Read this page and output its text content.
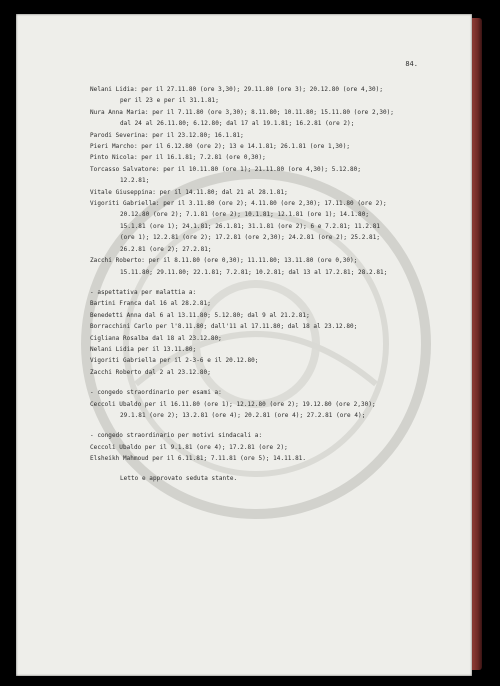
84.
Nelani Lidia: per il 27.11.80 (ore 3,30); 29.11.80 (ore 3); 20.12.80 (ore 4,30);
per il 23 e per il 31.1.81;
Nura Anna Maria: per il 7.11.80 (ore 3,30); 8.11.80; 10.11.80; 15.11.80 (ore 2,30);
dal 24 al 26.11.80; 6.12.80; dal 17 al 19.1.81; 16.2.81 (ore 2);
Parodi Severina: per il 23.12.80; 16.1.81;
Pieri Marcho: per il 6.12.80 (ore 2); 13 e 14.1.81; 26.1.81 (ore 1,30);
Pinto Nicola: per il 16.1.81; 7.2.81 (ore 0,30);
Torcasso Salvatore: per il 10.11.80 (ore 1); 21.11.80 (ore 4,30); 5.12.80;
12.2.81;
Vitale Giuseppina: per il 14.11.80; dal 21 al 28.1.81;
Vigoriti Gabriella: per il 3.11.80 (ore 2); 4.11.80 (ore 2,30); 17.11.80 (ore 2);
20.12.80 (ore 2); 7.1.81 (ore 2); 10.1.81; 12.1.81 (ore 1); 14.1.80;
15.1.81 (ore 1); 24.1.81; 26.1.81; 31.1.81 (ore 2); 6 e 7.2.81; 11.2.81
(ore 1); 12.2.81 (ore 2); 17.2.81 (ore 2,30); 24.2.81 (ore 2); 25.2.81;
26.2.81 (ore 2); 27.2.81;
Zacchi Roberto: per il 8.11.80 (ore 0,30); 11.11.80; 13.11.80 (ore 0,30);
15.11.80; 29.11.80; 22.1.81; 7.2.81; 10.2.81; dal 13 al 17.2.81; 28.2.81;
- aspettativa per malattia a:
Bartini Franca dal 16 al 28.2.81;
Benedetti Anna dal 6 al 13.11.80; 5.12.80; dal 9 al 21.2.81;
Borracchini Carlo per l'8.11.80; dall'11 al 17.11.80; dal 18 al 23.12.80;
Cigliana Rosalba dal 18 al 23.12.80;
Nelani Lidia per il 13.11.80;
Vigoriti Gabriella per il 2-3-6 e il 20.12.80;
Zacchi Roberto dal 2 al 23.12.80;
- congedo straordinario per esami a:
Ceccoli Ubaldo per il 16.11.80 (ore 1); 12.12.80 (ore 2); 19.12.80 (ore 2,30);
29.1.81 (ore 2); 13.2.81 (ore 4); 20.2.81 (ore 4); 27.2.81 (ore 4);
- congedo straordinario per motivi sindacali a:
Ceccoli Ubaldo per il 9.1.81 (ore 4); 17.2.81 (ore 2);
Elsheikh Mahmoud per il 6.11.81; 7.11.81 (ore 5); 14.11.81.
Letto e approvato seduta stante.
